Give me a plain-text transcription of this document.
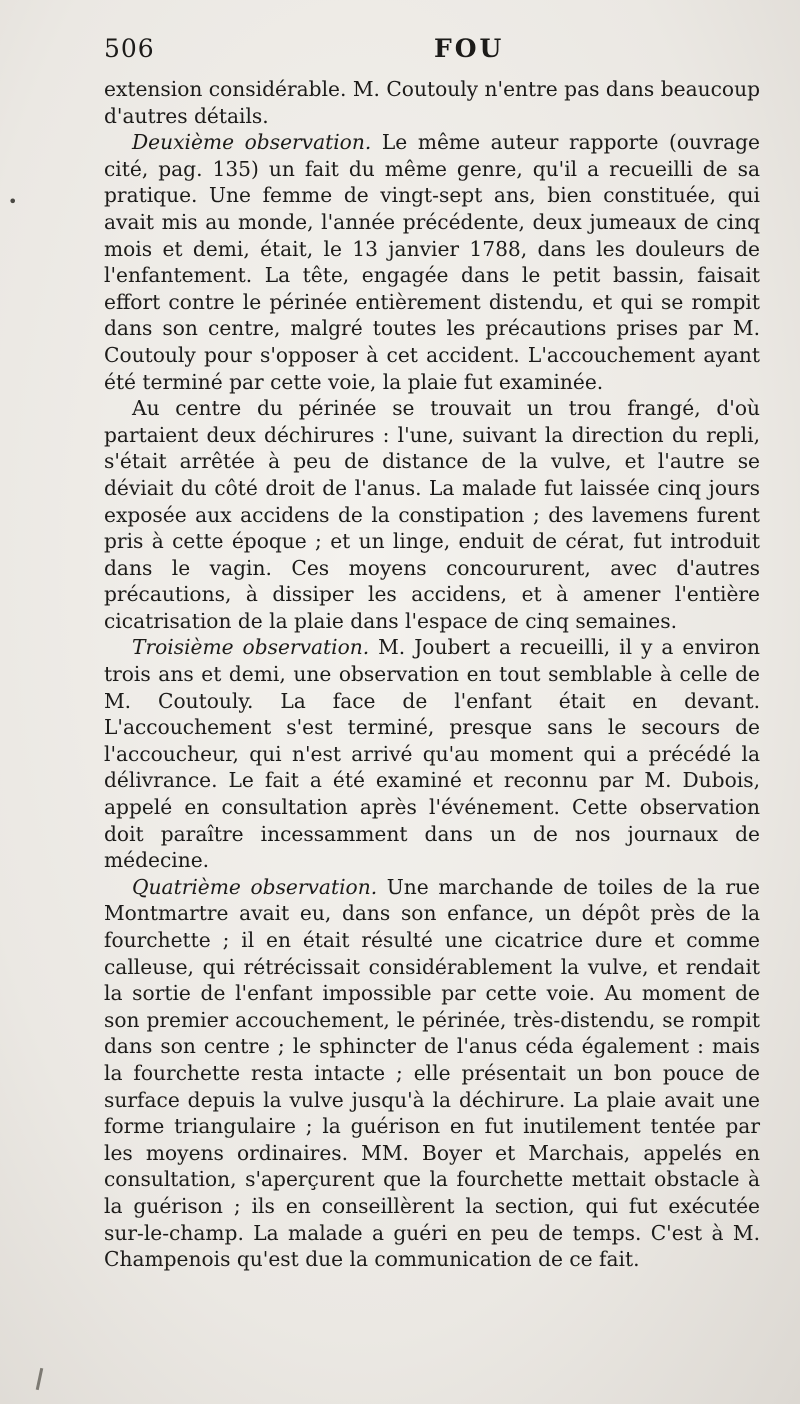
506	FOU
•

extension considérable. M. Coutouly n'entre pas dans beaucoup d'autres détails.

Deuxième observation. Le même auteur rapporte (ouvrage cité, pag. 135) un fait du même genre, qu'il a recueilli de sa pratique. Une femme de vingt-sept ans, bien constituée, qui avait mis au monde, l'année précédente, deux jumeaux de cinq mois et demi, était, le 13 janvier 1788, dans les douleurs de l'enfantement. La tête, engagée dans le petit bassin, faisait effort contre le périnée entièrement distendu, et qui se rompit dans son centre, malgré toutes les précautions prises par M. Coutouly pour s'opposer à cet accident. L'accouchement ayant été terminé par cette voie, la plaie fut examinée.

Au centre du périnée se trouvait un trou frangé, d'où partaient deux déchirures : l'une, suivant la direction du repli, s'était arrêtée à peu de distance de la vulve, et l'autre se déviait du côté droit de l'anus. La malade fut laissée cinq jours exposée aux accidens de la constipation ; des lavemens furent pris à cette époque ; et un linge, enduit de cérat, fut introduit dans le vagin. Ces moyens concoururent, avec d'autres précautions, à dissiper les accidens, et à amener l'entière cicatrisation de la plaie dans l'espace de cinq semaines.

Troisième observation. M. Joubert a recueilli, il y a environ trois ans et demi, une observation en tout semblable à celle de M. Coutouly. La face de l'enfant était en devant. L'accouchement s'est terminé, presque sans le secours de l'accoucheur, qui n'est arrivé qu'au moment qui a précédé la délivrance. Le fait a été examiné et reconnu par M. Dubois, appelé en consultation après l'événement. Cette observation doit paraître incessamment dans un de nos journaux de médecine.

Quatrième observation. Une marchande de toiles de la rue Montmartre avait eu, dans son enfance, un dépôt près de la fourchette ; il en était résulté une cicatrice dure et comme calleuse, qui rétrécissait considérablement la vulve, et rendait la sortie de l'enfant impossible par cette voie. Au moment de son premier accouchement, le périnée, très-distendu, se rompit dans son centre ; le sphincter de l'anus céda également : mais la fourchette resta intacte ; elle présentait un bon pouce de surface depuis la vulve jusqu'à la déchirure. La plaie avait une forme triangulaire ; la guérison en fut inutilement tentée par les moyens ordinaires. MM. Boyer et Marchais, appelés en consultation, s'aperçurent que la fourchette mettait obstacle à la guérison ; ils en conseillèrent la section, qui fut exécutée sur-le-champ. La malade a guéri en peu de temps. C'est à M. Champenois qu'est due la communication de ce fait.
